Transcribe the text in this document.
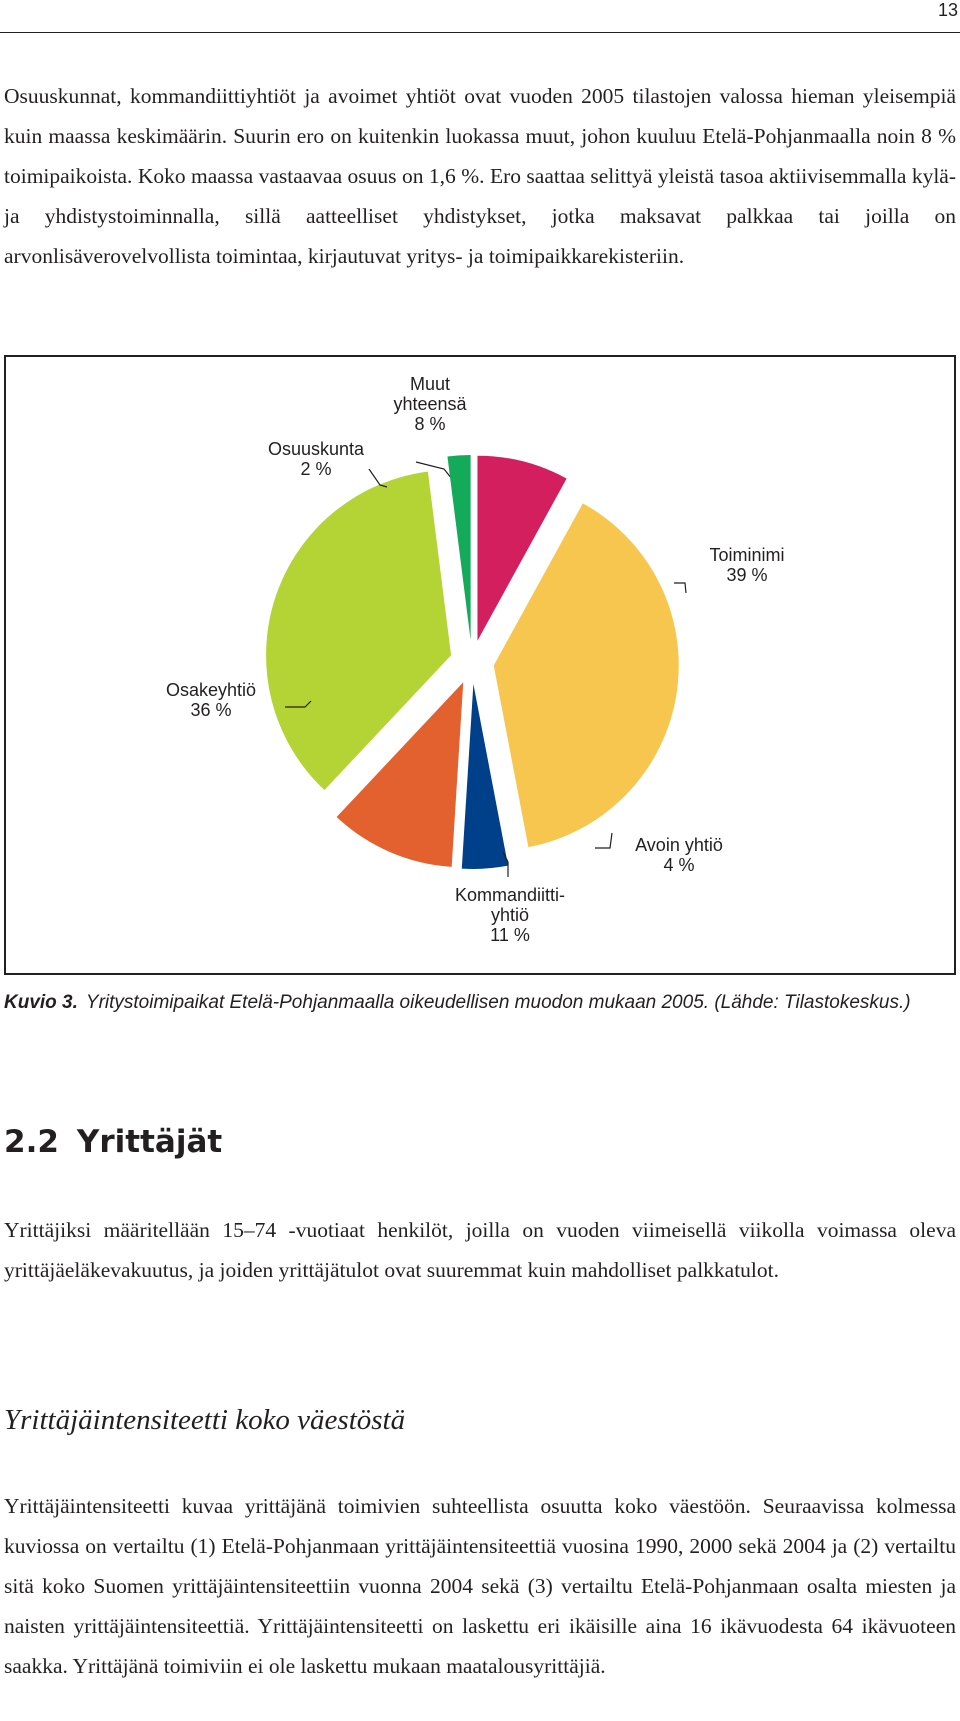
13

Osuuskunnat, kommandiittiyhtiöt ja avoimet yhtiöt ovat vuoden 2005 tilastojen valossa hieman yleisempiä kuin maassa keskimäärin. Suurin ero on kuitenkin luokassa muut, johon kuuluu Etelä-Pohjanmaalla noin 8 % toimipaikoista. Koko maassa vastaavaa osuus on 1,6 %. Ero saattaa selittyä yleistä tasoa aktiivisemmalla kylä- ja yhdistystoiminnalla, sillä aatteelliset yhdistykset, jotka maksavat palkkaa tai joilla on arvonlisäverovelvollista toimintaa, kirjautuvat yritys- ja toimipaikkarekisteriin.

Muut yhteensä 8 %
Toiminimi 39 %
Avoin yhtiö 4 %
Kommandiitti-yhtiö 11 %
Osakeyhtiö 36 %
Osuuskunta 2 %
Kuvio 3. Yritystoimipaikat Etelä-Pohjanmaalla oikeudellisen muodon mukaan 2005. (Lähde: Tilastokeskus.)
2.2 Yrittäjät

Yrittäjiksi määritellään 15–74 -vuotiaat henkilöt, joilla on vuoden viimeisellä viikolla voimassa oleva yrittäjäeläkevakuutus, ja joiden yrittäjätulot ovat suuremmat kuin mahdolliset palkkatulot.

Yrittäjäintensiteetti koko väestöstä

Yrittäjäintensiteetti kuvaa yrittäjänä toimivien suhteellista osuutta koko väestöön. Seuraavissa kolmessa kuviossa on vertailtu (1) Etelä-Pohjanmaan yrittäjäintensiteettiä vuosina 1990, 2000 sekä 2004 ja (2) vertailtu sitä koko Suomen yrittäjäintensiteettiin vuonna 2004 sekä (3) vertailtu Etelä-Pohjanmaan osalta miesten ja naisten yrittäjäintensiteettiä. Yrittäjäintensiteetti on laskettu eri ikäisille aina 16 ikävuodesta 64 ikävuoteen saakka. Yrittäjänä toimiviin ei ole laskettu mukaan maatalousyrittäjiä.
